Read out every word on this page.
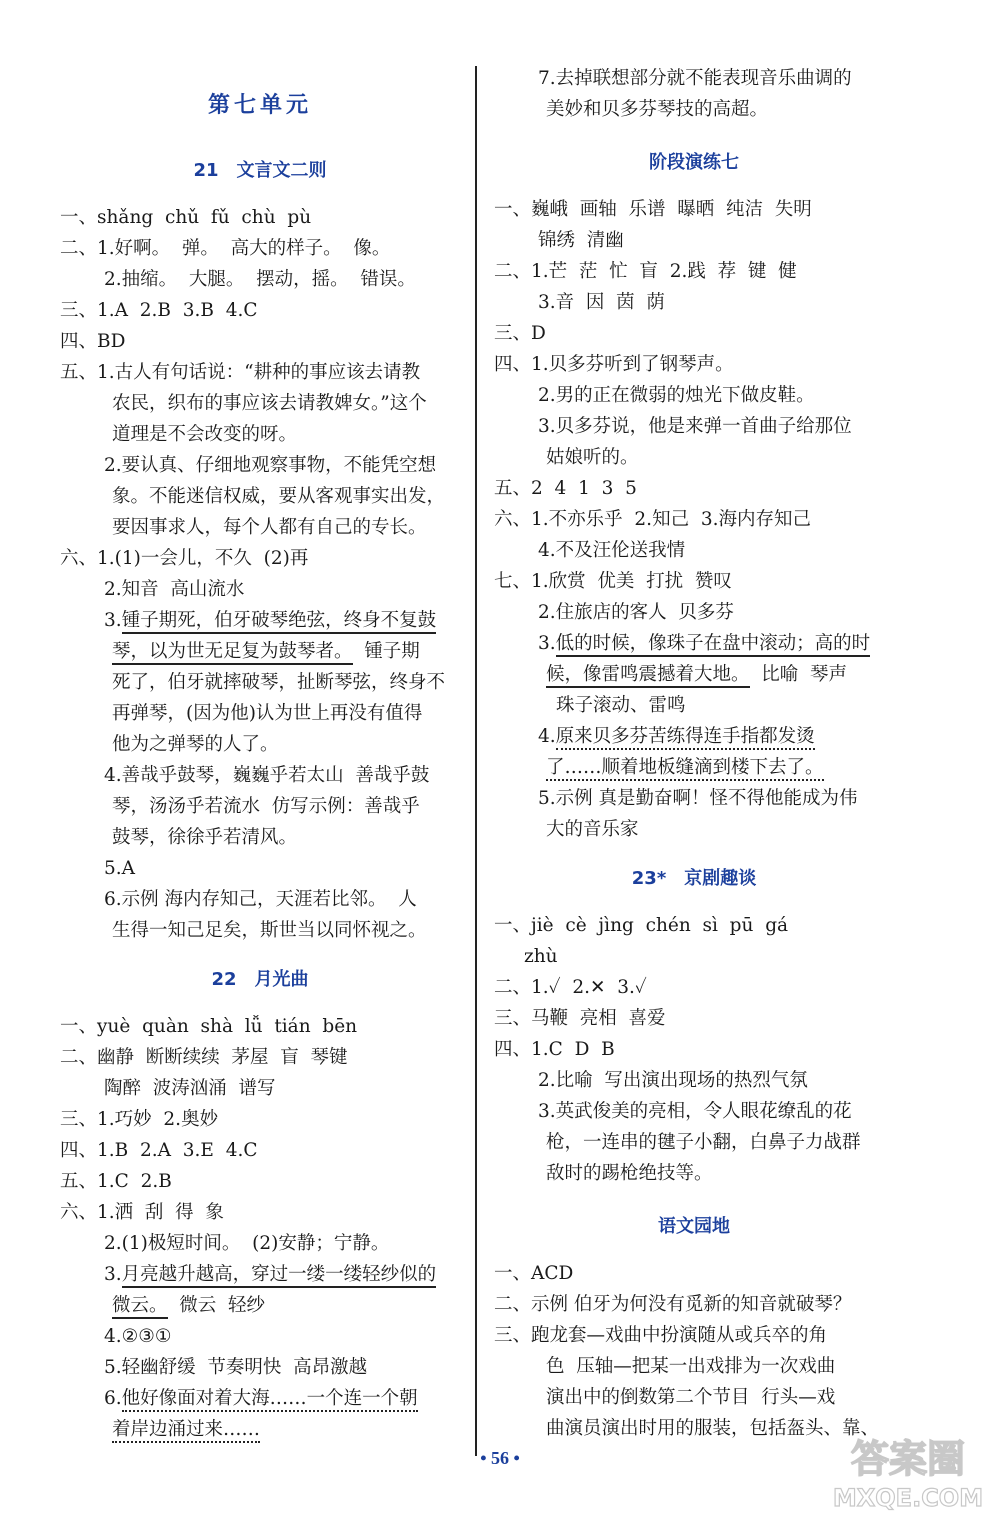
第七单元
21　文言文二则
一、shǎng  chǔ  fǔ  chù  pù
二、1.好啊。  弹。  高大的样子。  像。
2.抽缩。  大腿。  摆动，摇。  错误。
三、1.A  2.B  3.B  4.C
四、BD
五、1.古人有句话说：“耕种的事应该去请教
农民，织布的事应该去请教婢女。”这个
道理是不会改变的呀。
2.要认真、仔细地观察事物，不能凭空想
象。不能迷信权威，要从客观事实出发，
要因事求人，每个人都有自己的专长。
六、1.(1)一会儿，不久  (2)再
2.知音  高山流水
3.锺子期死，伯牙破琴绝弦，终身不复鼓
琴，以为世无足复为鼓琴者。  锺子期
死了，伯牙就摔破琴，扯断琴弦，终身不
再弹琴，(因为他)认为世上再没有值得
他为之弹琴的人了。
4.善哉乎鼓琴，巍巍乎若太山  善哉乎鼓
琴，汤汤乎若流水  仿写示例：善哉乎
鼓琴，徐徐乎若清风。
5.A
6.示例 海内存知己，天涯若比邻。  人
生得一知己足矣，斯世当以同怀视之。
22　月光曲
一、yuè  quàn  shà  lǚ  tián  bēn
二、幽静  断断续续  茅屋  盲  琴键
陶醉  波涛汹涌  谱写
三、1.巧妙  2.奥妙
四、1.B  2.A  3.E  4.C
五、1.C  2.B
六、1.洒  刮  得  象
2.(1)极短时间。  (2)安静；宁静。
3.月亮越升越高，穿过一缕一缕轻纱似的
微云。  微云  轻纱
4.②③①
5.轻幽舒缓  节奏明快  高昂激越
6.他好像面对着大海……一个连一个朝
着岸边涌过来……
7.去掉联想部分就不能表现音乐曲调的
美妙和贝多芬琴技的高超。
阶段演练七
一、巍峨  画轴  乐谱  曝晒  纯洁  失明
锦绣  清幽
二、1.芒  茫  忙  盲  2.践  荐  键  健
3.音  因  茵  荫
三、D
四、1.贝多芬听到了钢琴声。
2.男的正在微弱的烛光下做皮鞋。
3.贝多芬说，他是来弹一首曲子给那位
姑娘听的。
五、2  4  1  3  5
六、1.不亦乐乎  2.知己  3.海内存知己
4.不及汪伦送我情
七、1.欣赏  优美  打扰  赞叹
2.住旅店的客人  贝多芬
3.低的时候，像珠子在盘中滚动；高的时
候，像雷鸣震撼着大地。  比喻  琴声
珠子滚动、雷鸣
4.原来贝多芬苦练得连手指都发烫
了……顺着地板缝滴到楼下去了。
5.示例 真是勤奋啊！怪不得他能成为伟
大的音乐家
23*　京剧趣谈
一、jiè  cè  jìng  chén  sì  pū  gá
zhù
二、1.✓  2.✕  3.✓
三、马鞭  亮相  喜爱
四、1.C  D  B
2.比喻  写出演出现场的热烈气氛
3.英武俊美的亮相，令人眼花缭乱的花
枪，一连串的毽子小翻，白鼻子力战群
敌时的踢枪绝技等。
语文园地
一、ACD
二、示例 伯牙为何没有觅新的知音就破琴？
三、跑龙套—戏曲中扮演随从或兵卒的角
色  压轴—把某一出戏排为一次戏曲
演出中的倒数第二个节目  行头—戏
曲演员演出时用的服装，包括盔头、靠、
• 56 •	答案圈
MXQE.COM
